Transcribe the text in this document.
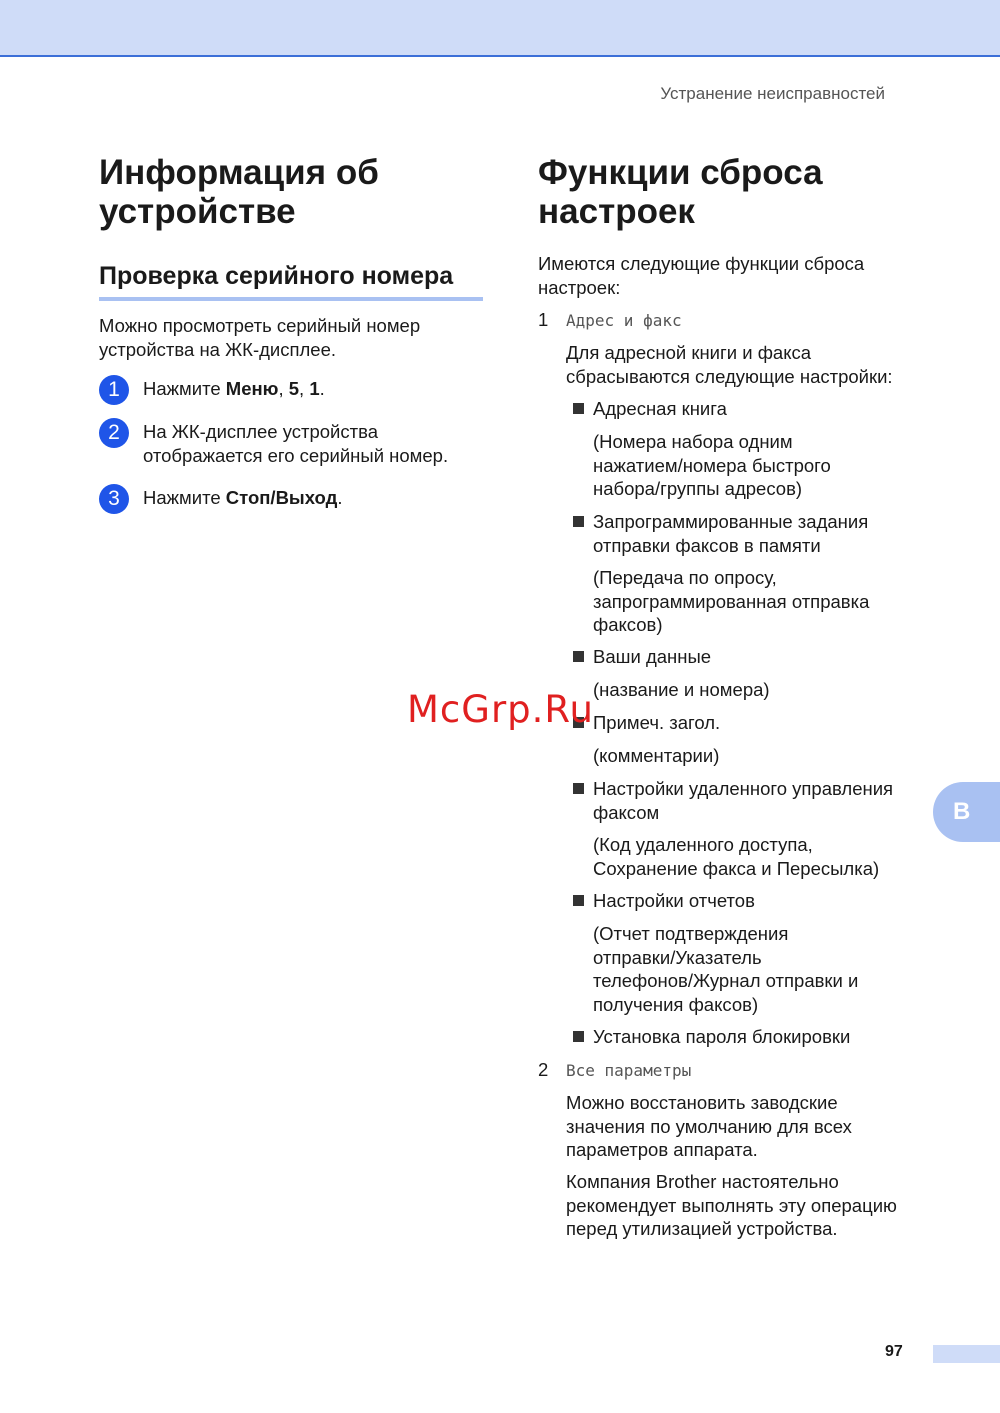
Устранение неисправностей
Информация об
устройстве
Проверка серийного номера

Можно просмотреть серийный номер
устройства на ЖК-дисплее.

1	Нажмите Меню, 5, 1.
2	На ЖК-дисплее устройства
отображается его серийный номер.
3	Нажмите Стоп/Выход.
Функции сброса
настроек

Имеются следующие функции сброса
настроек:

1 Адрес и факс

Для адресной книги и факса
сбрасываются следующие настройки:

Адресная книга
(Номера набора одним
нажатием/номера быстрого
набора/группы адресов)
Запрограммированные задания
отправки факсов в памяти
(Передача по опросу,
запрограммированная отправка
факсов)
Ваши данные
(название и номера)
Примеч. загол.
(комментарии)
Настройки удаленного управления
факсом
(Код удаленного доступа,
Сохранение факса и Пересылка)
Настройки отчетов
(Отчет подтверждения
отправки/Указатель
телефонов/Журнал отправки и
получения факсов)
Установка пароля блокировки
2 Все параметры

Можно восстановить заводские
значения по умолчанию для всех
параметров аппарата.

Компания Brother настоятельно
рекомендует выполнять эту операцию
перед утилизацией устройства.

B
97
McGrp.Ru
